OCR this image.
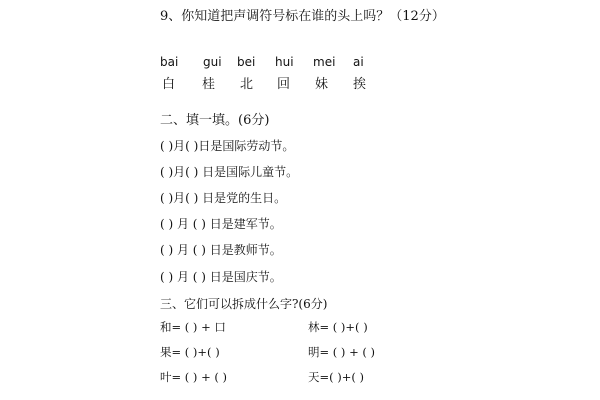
9、你知道把声调符号标在谁的头上吗？（12分）
bai gui bei hui mei ai
白 桂 北 回 妹 挨
二、填一填。(6分)
( )月( )日是国际劳动节。
( )月( ) 日是国际儿童节。
( )月( ) 日是党的生日。
( ) 月 ( ) 日是建军节。
( ) 月 ( ) 日是教师节。
( ) 月 ( ) 日是国庆节。
三、它们可以拆成什么字?(6分)
和= ( ) + 口	林= ( )+( )
果= ( )+( )	明= ( ) + ( )
叶= ( ) + ( )	天=( )+( )
